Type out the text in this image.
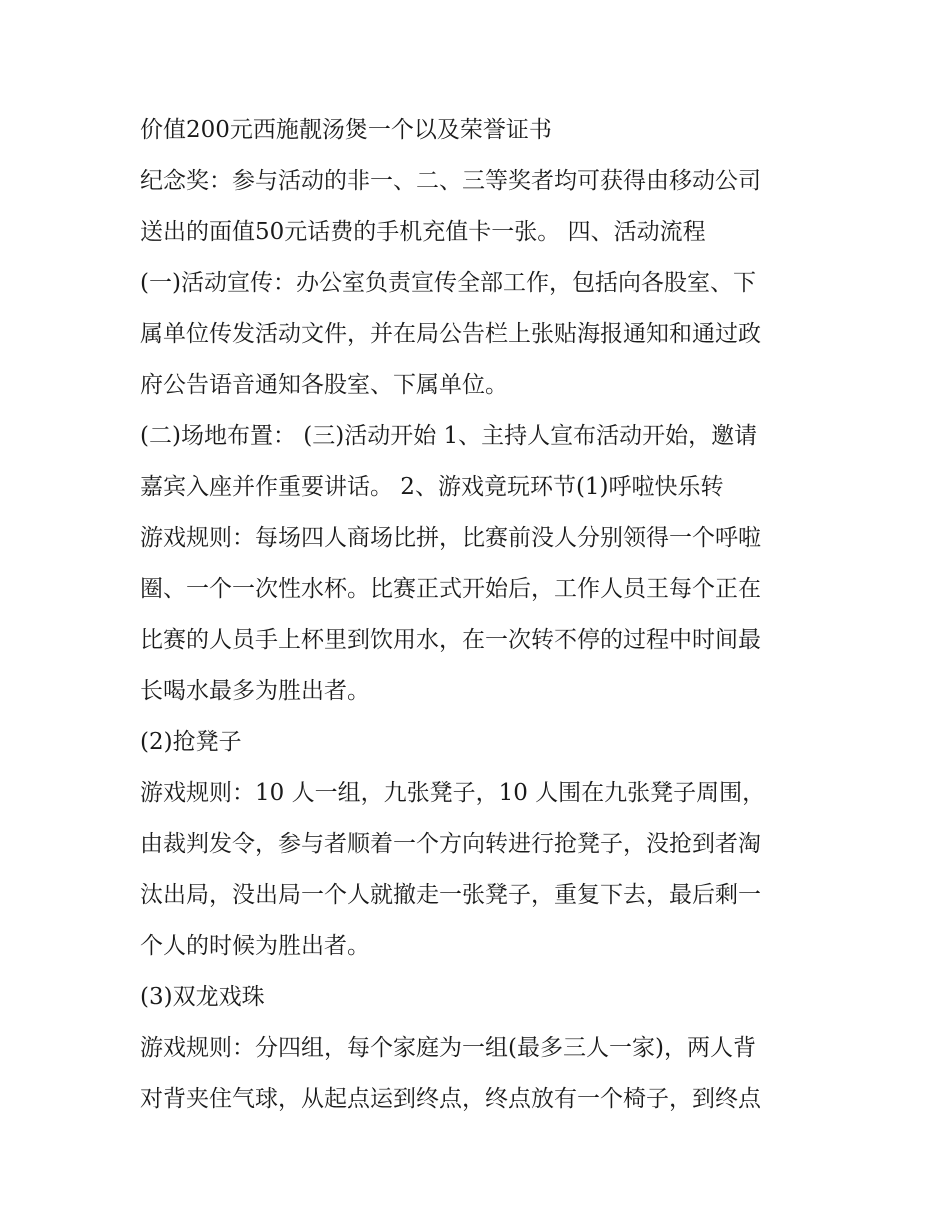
价值200元西施靓汤煲一个以及荣誉证书
纪念奖：参与活动的非一、二、三等奖者均可获得由移动公司
送出的面值50元话费的手机充值卡一张。 四、活动流程
(一)活动宣传：办公室负责宣传全部工作，包括向各股室、下
属单位传发活动文件，并在局公告栏上张贴海报通知和通过政
府公告语音通知各股室、下属单位。
(二)场地布置： (三)活动开始 1、主持人宣布活动开始，邀请
嘉宾入座并作重要讲话。 2、游戏竟玩环节(1)呼啦快乐转
游戏规则：每场四人商场比拼，比赛前没人分别领得一个呼啦
圈、一个一次性水杯。比赛正式开始后，工作人员王每个正在
比赛的人员手上杯里到饮用水，在一次转不停的过程中时间最
长喝水最多为胜出者。
(2)抢凳子
游戏规则：10 人一组，九张凳子，10 人围在九张凳子周围，
由裁判发令，参与者顺着一个方向转进行抢凳子，没抢到者淘
汰出局，没出局一个人就撤走一张凳子，重复下去，最后剩一
个人的时候为胜出者。
(3)双龙戏珠
游戏规则：分四组，每个家庭为一组(最多三人一家)，两人背
对背夹住气球，从起点运到终点，终点放有一个椅子，到终点
